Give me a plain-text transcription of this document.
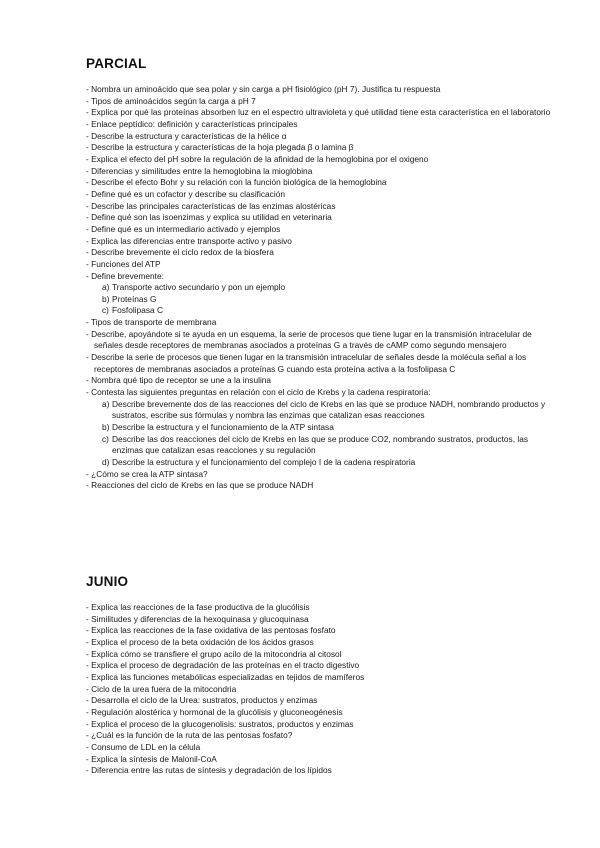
PARCIAL
- Nombra un aminoácido que sea polar y sin carga a pH fisiológico (pH 7). Justifica tu respuesta
- Tipos de aminoácidos según la carga a pH 7
- Explica por qué las proteínas absorben luz en el espectro ultravioleta y qué utilidad tiene esta característica en el laboratorio
- Enlace peptídico: definición y características principales
- Describe la estructura y características de la hélice α
- Describe la estructura y características de la hoja plegada β o lamina β
- Explica el efecto del pH sobre la regulación de la afinidad de la hemoglobina por el oxigeno
- Diferencias y similitudes entre la hemoglobina la mioglobina
- Describe el efecto Bohr y su relación con la función biológica de la hemoglobina
- Define qué es un cofactor y describe su clasificación
- Describe las principales características de las enzimas alostéricas
- Define qué son las isoenzimas y explica su utilidad en veterinaria
- Define qué es un intermediario activado y ejemplos
- Explica las diferencias entre transporte activo y pasivo
- Describe brevemente el ciclo redox de la biosfera
- Funciones del ATP
- Define brevemente:
a) Transporte activo secundario y pon un ejemplo
b) Proteínas G
c) Fosfolipasa C
- Tipos de transporte de membrana
- Describe, apoyándote si te ayuda en un esquema, la serie de procesos que tiene lugar en la transmisión intracelular de señales desde receptores de membranas asociados a proteínas G a través de cAMP como segundo mensajero
- Describe la serie de procesos que tienen lugar en la transmisión intracelular de señales desde la molécula señal a los receptores de membranas asociados a proteínas G cuando esta proteína activa a la fosfolipasa C
- Nombra qué tipo de receptor se une a la insulina
- Contesta las siguientes preguntas en relación con el ciclo de Krebs y la cadena respiratoria:
a) Describe brevemente dos de las reacciones del ciclo de Krebs en las que se produce NADH, nombrando productos y sustratos, escribe sus fórmulas y nombra las enzimas que catalizan esas reacciones
b) Describe la estructura y el funcionamiento de la ATP sintasa
c) Describe las dos reacciones del ciclo de Krebs en las que se produce CO2, nombrando sustratos, productos, las enzimas que catalizan esas reacciones y su regulación
d) Describe la estructura y el funcionamiento del complejo I de la cadena respiratoria
- ¿Cómo se crea la ATP sintasa?
- Reacciones del ciclo de Krebs en las que se produce NADH
JUNIO
- Explica las reacciones de la fase productiva de la glucólisis
- Similitudes y diferencias de la hexoquinasa y glucoquinasa
- Explica las reacciones de la fase oxidativa de las pentosas fosfato
- Explica el proceso de la beta oxidación de los ácidos grasos
- Explica cómo se transfiere el grupo acilo de la mitocondria al citosol
- Explica el proceso de degradación de las proteínas en el tracto digestivo
- Explica las funciones metabólicas especializadas en tejidos de mamíferos
- Ciclo de la urea fuera de la mitocondria
- Desarrolla el ciclo de la Urea: sustratos, productos y enzimas
- Regulación alostérica y hormonal de la glucólisis y gluconeogénesis
- Explica el proceso de la glucogenolisis: sustratos, productos y enzimas
- ¿Cuál es la función de la ruta de las pentosas fosfato?
- Consumo de LDL en la célula
- Explica la síntesis de Malonil-CoA
- Diferencia entre las rutas de síntesis y degradación de los lípidos
